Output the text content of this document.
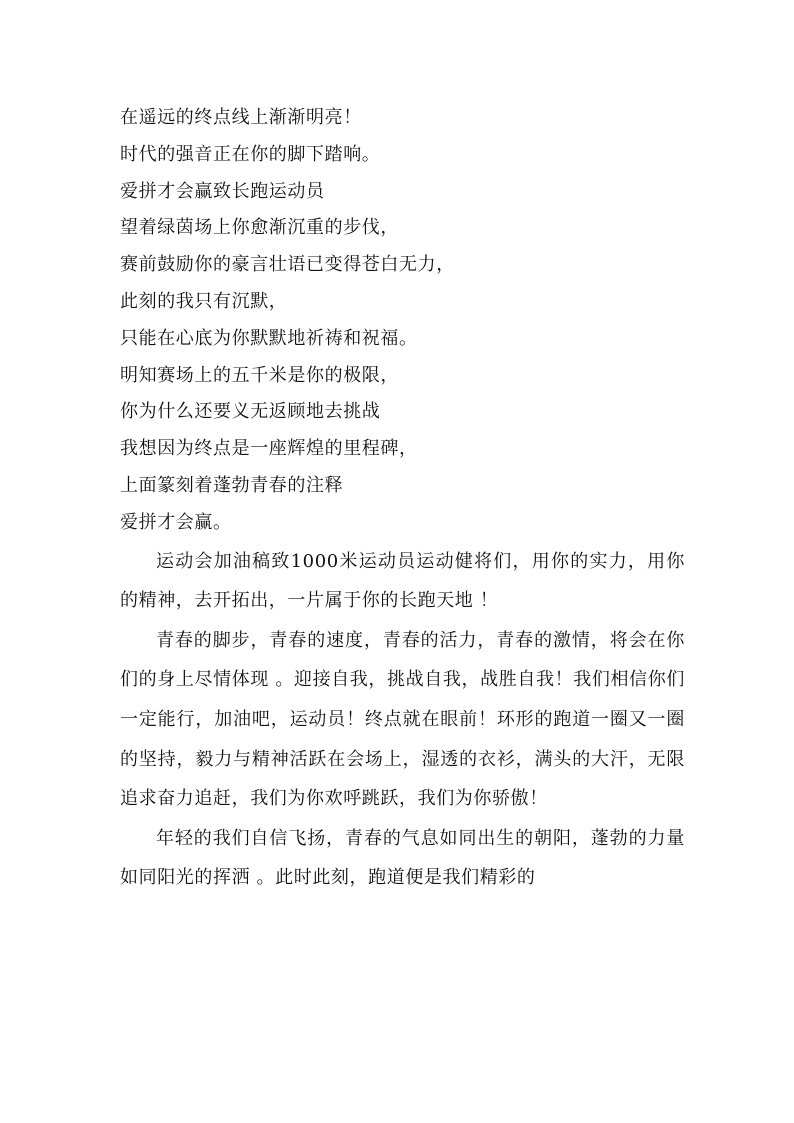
在遥远的终点线上渐渐明亮！
时代的强音正在你的脚下踏响。
爱拼才会赢致长跑运动员
望着绿茵场上你愈渐沉重的步伐，
赛前鼓励你的豪言壮语已变得苍白无力，
此刻的我只有沉默，
只能在心底为你默默地祈祷和祝福。
明知赛场上的五千米是你的极限，
你为什么还要义无返顾地去挑战
我想因为终点是一座辉煌的里程碑，
上面篆刻着蓬勃青春的注释
爱拼才会赢。

运动会加油稿致1000米运动员运动健将们，用你的实力，用你的精神，去开拓出，一片属于你的长跑天地 ！

青春的脚步，青春的速度，青春的活力，青春的激情，将会在你们的身上尽情体现 。迎接自我，挑战自我，战胜自我！我们相信你们一定能行，加油吧，运动员！终点就在眼前！环形的跑道一圈又一圈的坚持，毅力与精神活跃在会场上，湿透的衣衫，满头的大汗，无限追求奋力追赶，我们为你欢呼跳跃，我们为你骄傲！

年轻的我们自信飞扬，青春的气息如同出生的朝阳，蓬勃的力量如同阳光的挥洒 。此时此刻，跑道便是我们精彩的
